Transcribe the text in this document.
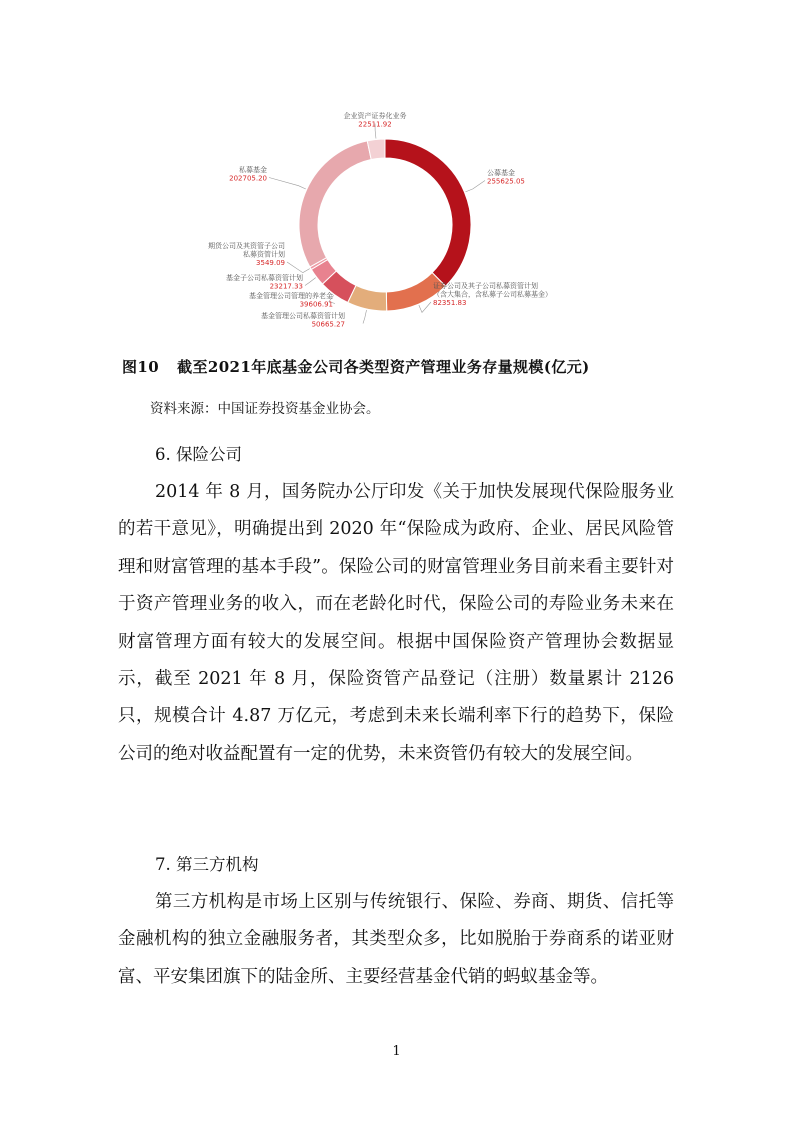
公募基金
255625.05
证券公司及其子公司私募资管计划
（含大集合，含私募子公司私募基金）
82351.83
基金管理公司私募资管计划
50665.27
基金管理公司管理的养老金
39606.91
基金子公司私募资管计划
23217.33
期货公司及其资管子公司
私募资管计划
3549.09
私募基金
202705.20
企业资产证券化业务
22511.92
图10 截至2021年底基金公司各类型资产管理业务存量规模(亿元)
资料来源：中国证券投资基金业协会。
6. 保险公司

2014 年 8 月，国务院办公厅印发《关于加快发展现代保险服务业的若干意见》，明确提出到 2020 年“保险成为政府、企业、居民风险管理和财富管理的基本手段”。保险公司的财富管理业务目前来看主要针对于资产管理业务的收入，而在老龄化时代，保险公司的寿险业务未来在财富管理方面有较大的发展空间。根据中国保险资产管理协会数据显示，截至 2021 年 8 月，保险资管产品登记（注册）数量累计 2126 只，规模合计 4.87 万亿元，考虑到未来长端利率下行的趋势下，保险公司的绝对收益配置有一定的优势，未来资管仍有较大的发展空间。

7. 第三方机构

第三方机构是市场上区别与传统银行、保险、券商、期货、信托等金融机构的独立金融服务者，其类型众多，比如脱胎于券商系的诺亚财富、平安集团旗下的陆金所、主要经营基金代销的蚂蚁基金等。

1
